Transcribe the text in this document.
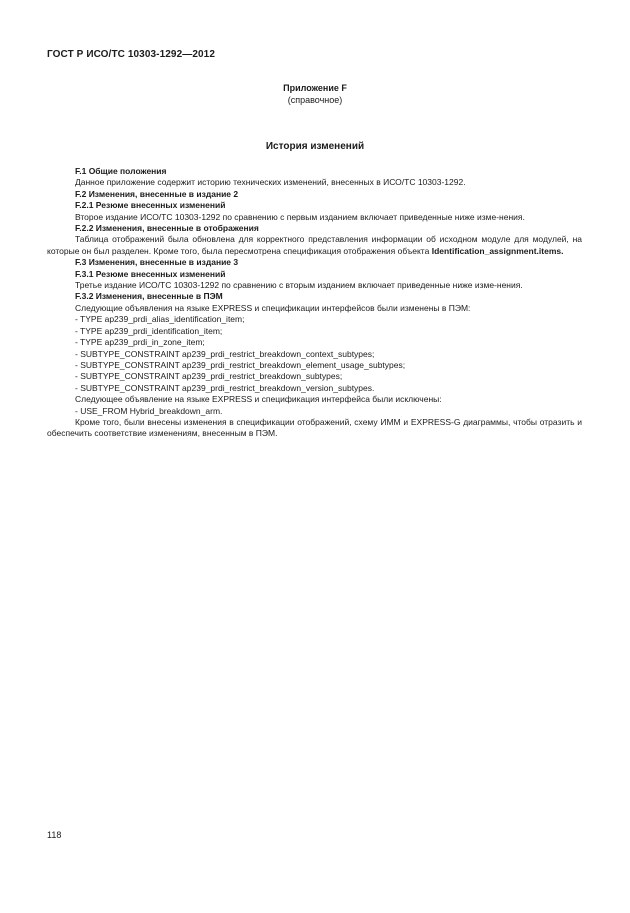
ГОСТ Р ИСО/ТС 10303-1292—2012
Приложение F
(справочное)
История изменений

F.1 Общие положения

Данное приложение содержит историю технических изменений, внесенных в ИСО/ТС 10303-1292.

F.2 Изменения, внесенные в издание 2

F.2.1 Резюме внесенных изменений

Второе издание ИСО/ТС 10303-1292 по сравнению с первым изданием включает приведенные ниже изме-нения.

F.2.2 Изменения, внесенные в отображения

Таблица отображений была обновлена для корректного представления информации об исходном модуле для модулей, на которые он был разделен. Кроме того, была пересмотрена спецификация отображения объекта Identification_assignment.items.

F.3 Изменения, внесенные в издание 3

F.3.1 Резюме внесенных изменений

Третье издание ИСО/ТС 10303-1292 по сравнению с вторым изданием включает приведенные ниже изме-нения.

F.3.2 Изменения, внесенные в ПЭМ

Следующие объявления на языке EXPRESS и спецификации интерфейсов были изменены в ПЭМ:

- TYPE ap239_prdi_alias_identification_item;

- TYPE ap239_prdi_identification_item;

- TYPE ap239_prdi_in_zone_item;

- SUBTYPE_CONSTRAINT ap239_prdi_restrict_breakdown_context_subtypes;

- SUBTYPE_CONSTRAINT ap239_prdi_restrict_breakdown_element_usage_subtypes;

- SUBTYPE_CONSTRAINT ap239_prdi_restrict_breakdown_subtypes;

- SUBTYPE_CONSTRAINT ap239_prdi_restrict_breakdown_version_subtypes.

Следующее объявление на языке EXPRESS и спецификация интерфейса были исключены:

- USE_FROM Hybrid_breakdown_arm.

Кроме того, были внесены изменения в спецификации отображений, схему ИММ и EXPRESS-G диаграммы, чтобы отразить и обеспечить соответствие изменениям, внесенным в ПЭМ.

118
